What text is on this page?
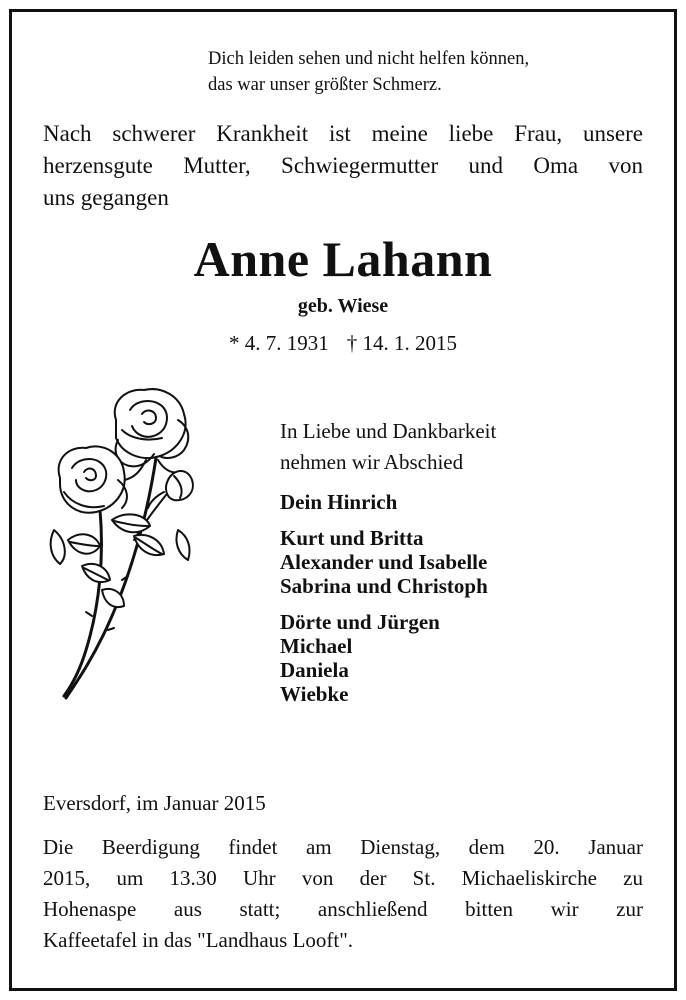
Dich leiden sehen und nicht helfen können,
das war unser größter Schmerz.
Nach schwerer Krankheit ist meine liebe Frau, unsere
herzensgute Mutter, Schwiegermutter und Oma von
uns gegangen
Anne Lahann
geb. Wiese
* 4. 7. 1931 † 14. 1. 2015
In Liebe und Dankbarkeit
nehmen wir Abschied
Dein Hinrich
Kurt und Britta
Alexander und Isabelle
Sabrina und Christoph
Dörte und Jürgen
Michael
Daniela
Wiebke
Eversdorf, im Januar 2015
Die Beerdigung findet am Dienstag, dem 20. Januar
2015, um 13.30 Uhr von der St. Michaeliskirche zu
Hohenaspe aus statt; anschließend bitten wir zur
Kaffeetafel in das "Landhaus Looft".
